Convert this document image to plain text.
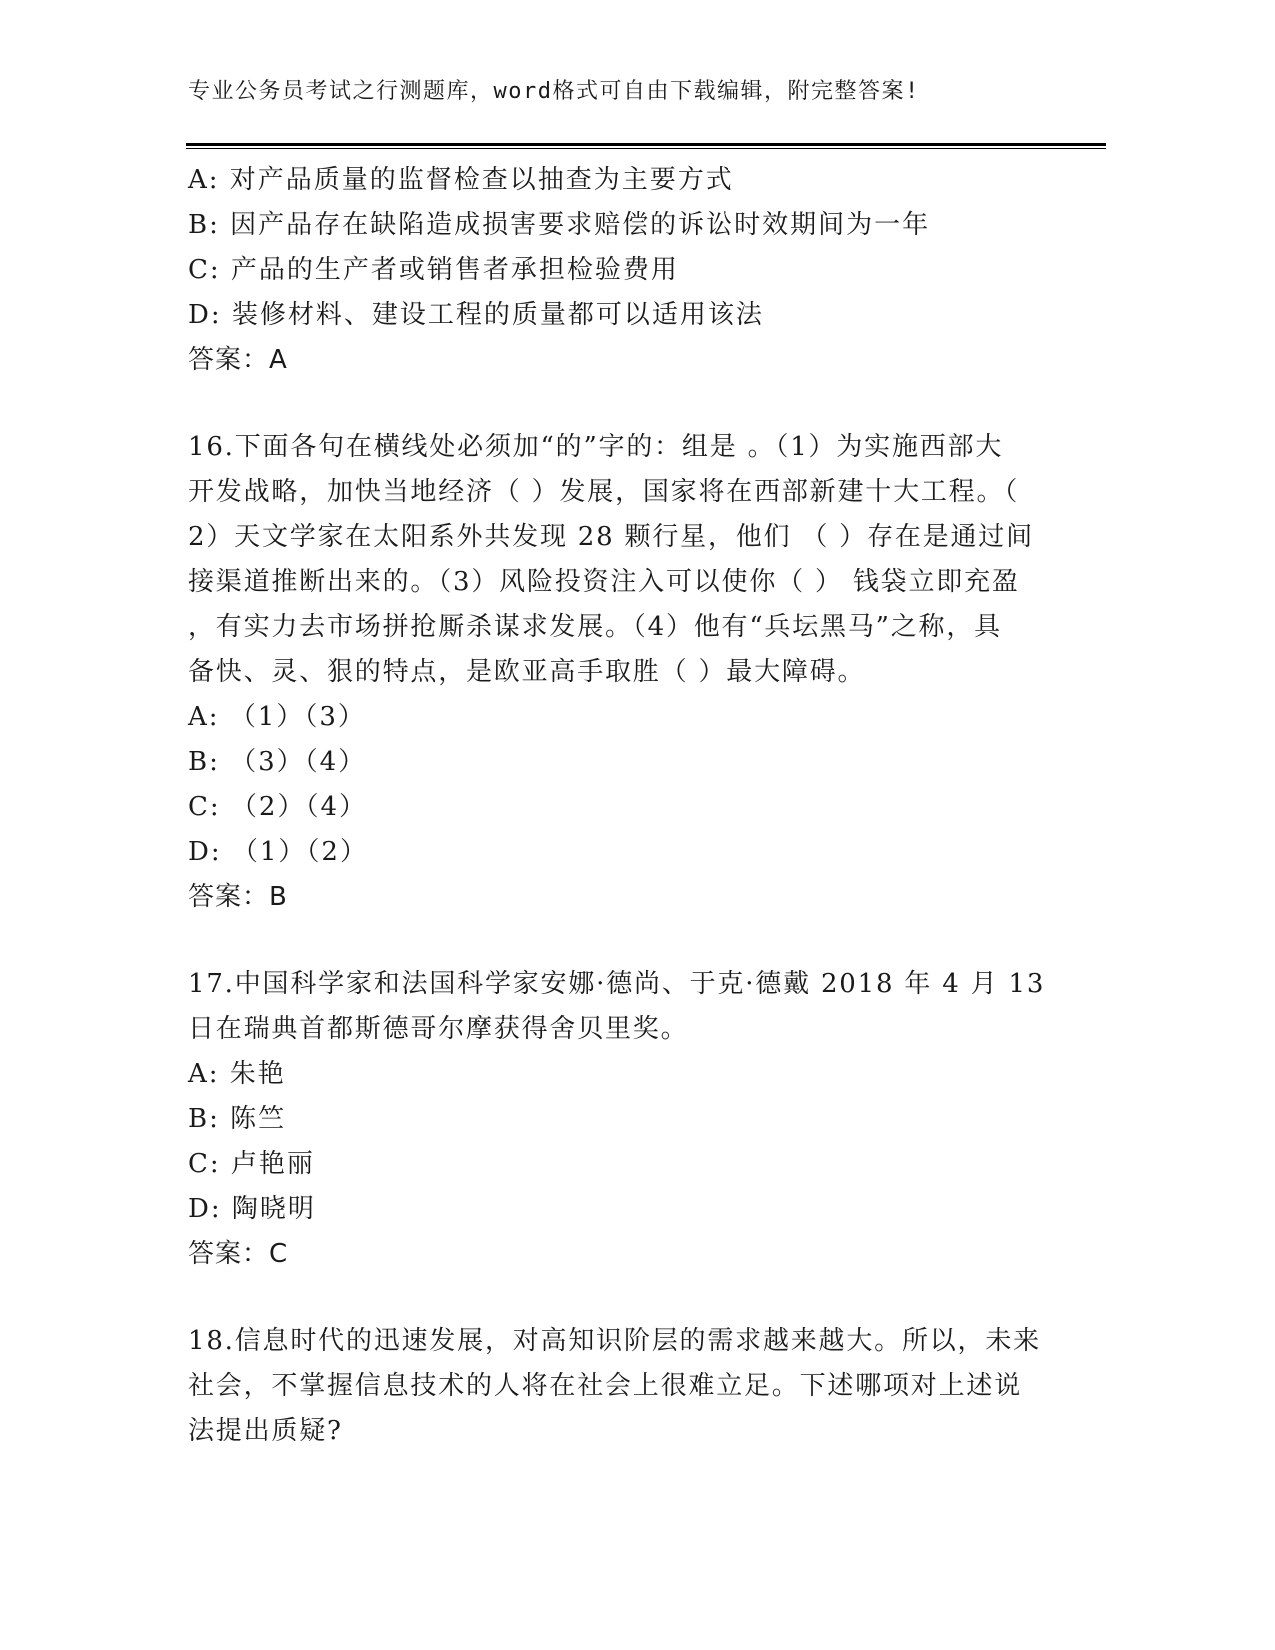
专业公务员考试之行测题库，word格式可自由下载编辑，附完整答案!
A: 对产品质量的监督检查以抽查为主要方式
B: 因产品存在缺陷造成损害要求赔偿的诉讼时效期间为一年
C: 产品的生产者或销售者承担检验费用
D: 装修材料、建设工程的质量都可以适用该法
答案：A
16.下面各句在横线处必须加“的”字的：组是 。（1）为实施西部大
开发战略，加快当地经济（ ）发展，国家将在西部新建十大工程。（
2）天文学家在太阳系外共发现 28 颗行星，他们 （ ）存在是通过间
接渠道推断出来的。（3）风险投资注入可以使你（ ） 钱袋立即充盈
，有实力去市场拼抢厮杀谋求发展。（4）他有“兵坛黑马”之称，具
备快、灵、狠的特点，是欧亚高手取胜（ ）最大障碍。
A: （1）（3）
B: （3）（4）
C: （2）（4）
D: （1）（2）
答案：B
17.中国科学家和法国科学家安娜·德尚、于克·德戴 2018 年 4 月 13
日在瑞典首都斯德哥尔摩获得舍贝里奖。
A: 朱艳
B: 陈竺
C: 卢艳丽
D: 陶晓明
答案：C
18.信息时代的迅速发展，对高知识阶层的需求越来越大。所以，未来
社会，不掌握信息技术的人将在社会上很难立足。下述哪项对上述说
法提出质疑?
